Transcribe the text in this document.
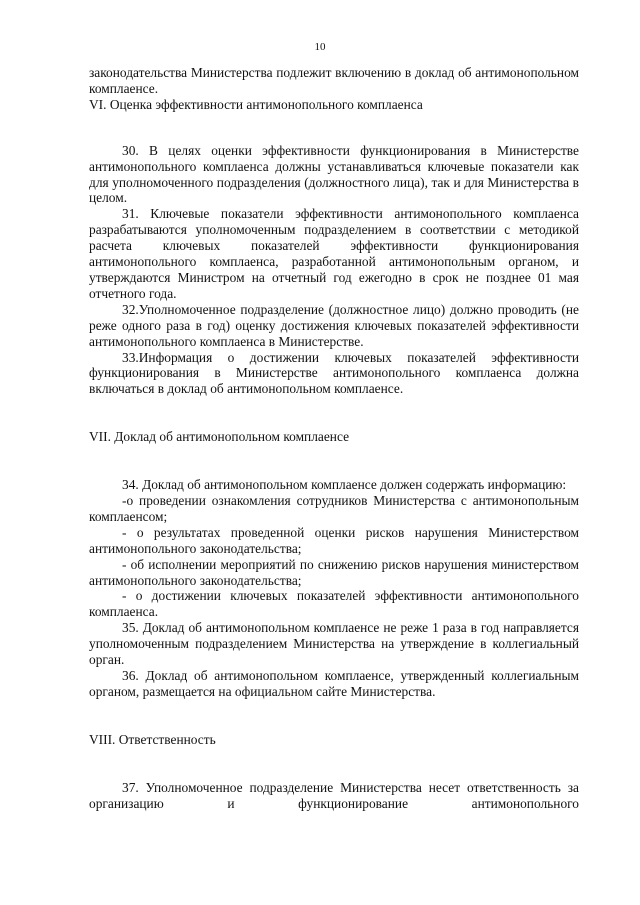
10

законодательства Министерства подлежит включению в доклад об антимонопольном комплаенсе.

VI. Оценка эффективности антимонопольного комплаенса

30. В целях оценки эффективности функционирования в Министерстве антимонопольного комплаенса должны устанавливаться ключевые показатели как для уполномоченного подразделения (должностного лица), так и для Министерства в целом.

31. Ключевые показатели эффективности антимонопольного комплаенса разрабатываются уполномоченным подразделением в соответствии с методикой расчета ключевых показателей эффективности функционирования антимонопольного комплаенса, разработанной антимонопольным органом, и утверждаются Министром на отчетный год ежегодно в срок не позднее 01 мая отчетного года.

32.Уполномоченное подразделение (должностное лицо) должно проводить (не реже одного раза в год) оценку достижения ключевых показателей эффективности антимонопольного комплаенса в Министерстве.

33.Информация о достижении ключевых показателей эффективности функционирования в Министерстве антимонопольного комплаенса должна включаться в доклад об антимонопольном комплаенсе.

VII. Доклад об антимонопольном комплаенсе

34. Доклад об антимонопольном комплаенсе должен содержать информацию:

-о проведении ознакомления сотрудников Министерства с антимонопольным комплаенсом;

- о результатах проведенной оценки рисков нарушения Министерством антимонопольного законодательства;

- об исполнении мероприятий по снижению рисков нарушения министерством антимонопольного законодательства;

- о достижении ключевых показателей эффективности антимонопольного комплаенса.

35. Доклад об антимонопольном комплаенсе не реже 1 раза в год направляется уполномоченным подразделением Министерства на утверждение в коллегиальный орган.

36. Доклад об антимонопольном комплаенсе, утвержденный коллегиальным органом, размещается на официальном сайте Министерства.

VIII. Ответственность

37. Уполномоченное подразделение Министерства несет ответственность за организацию и функционирование антимонопольного
